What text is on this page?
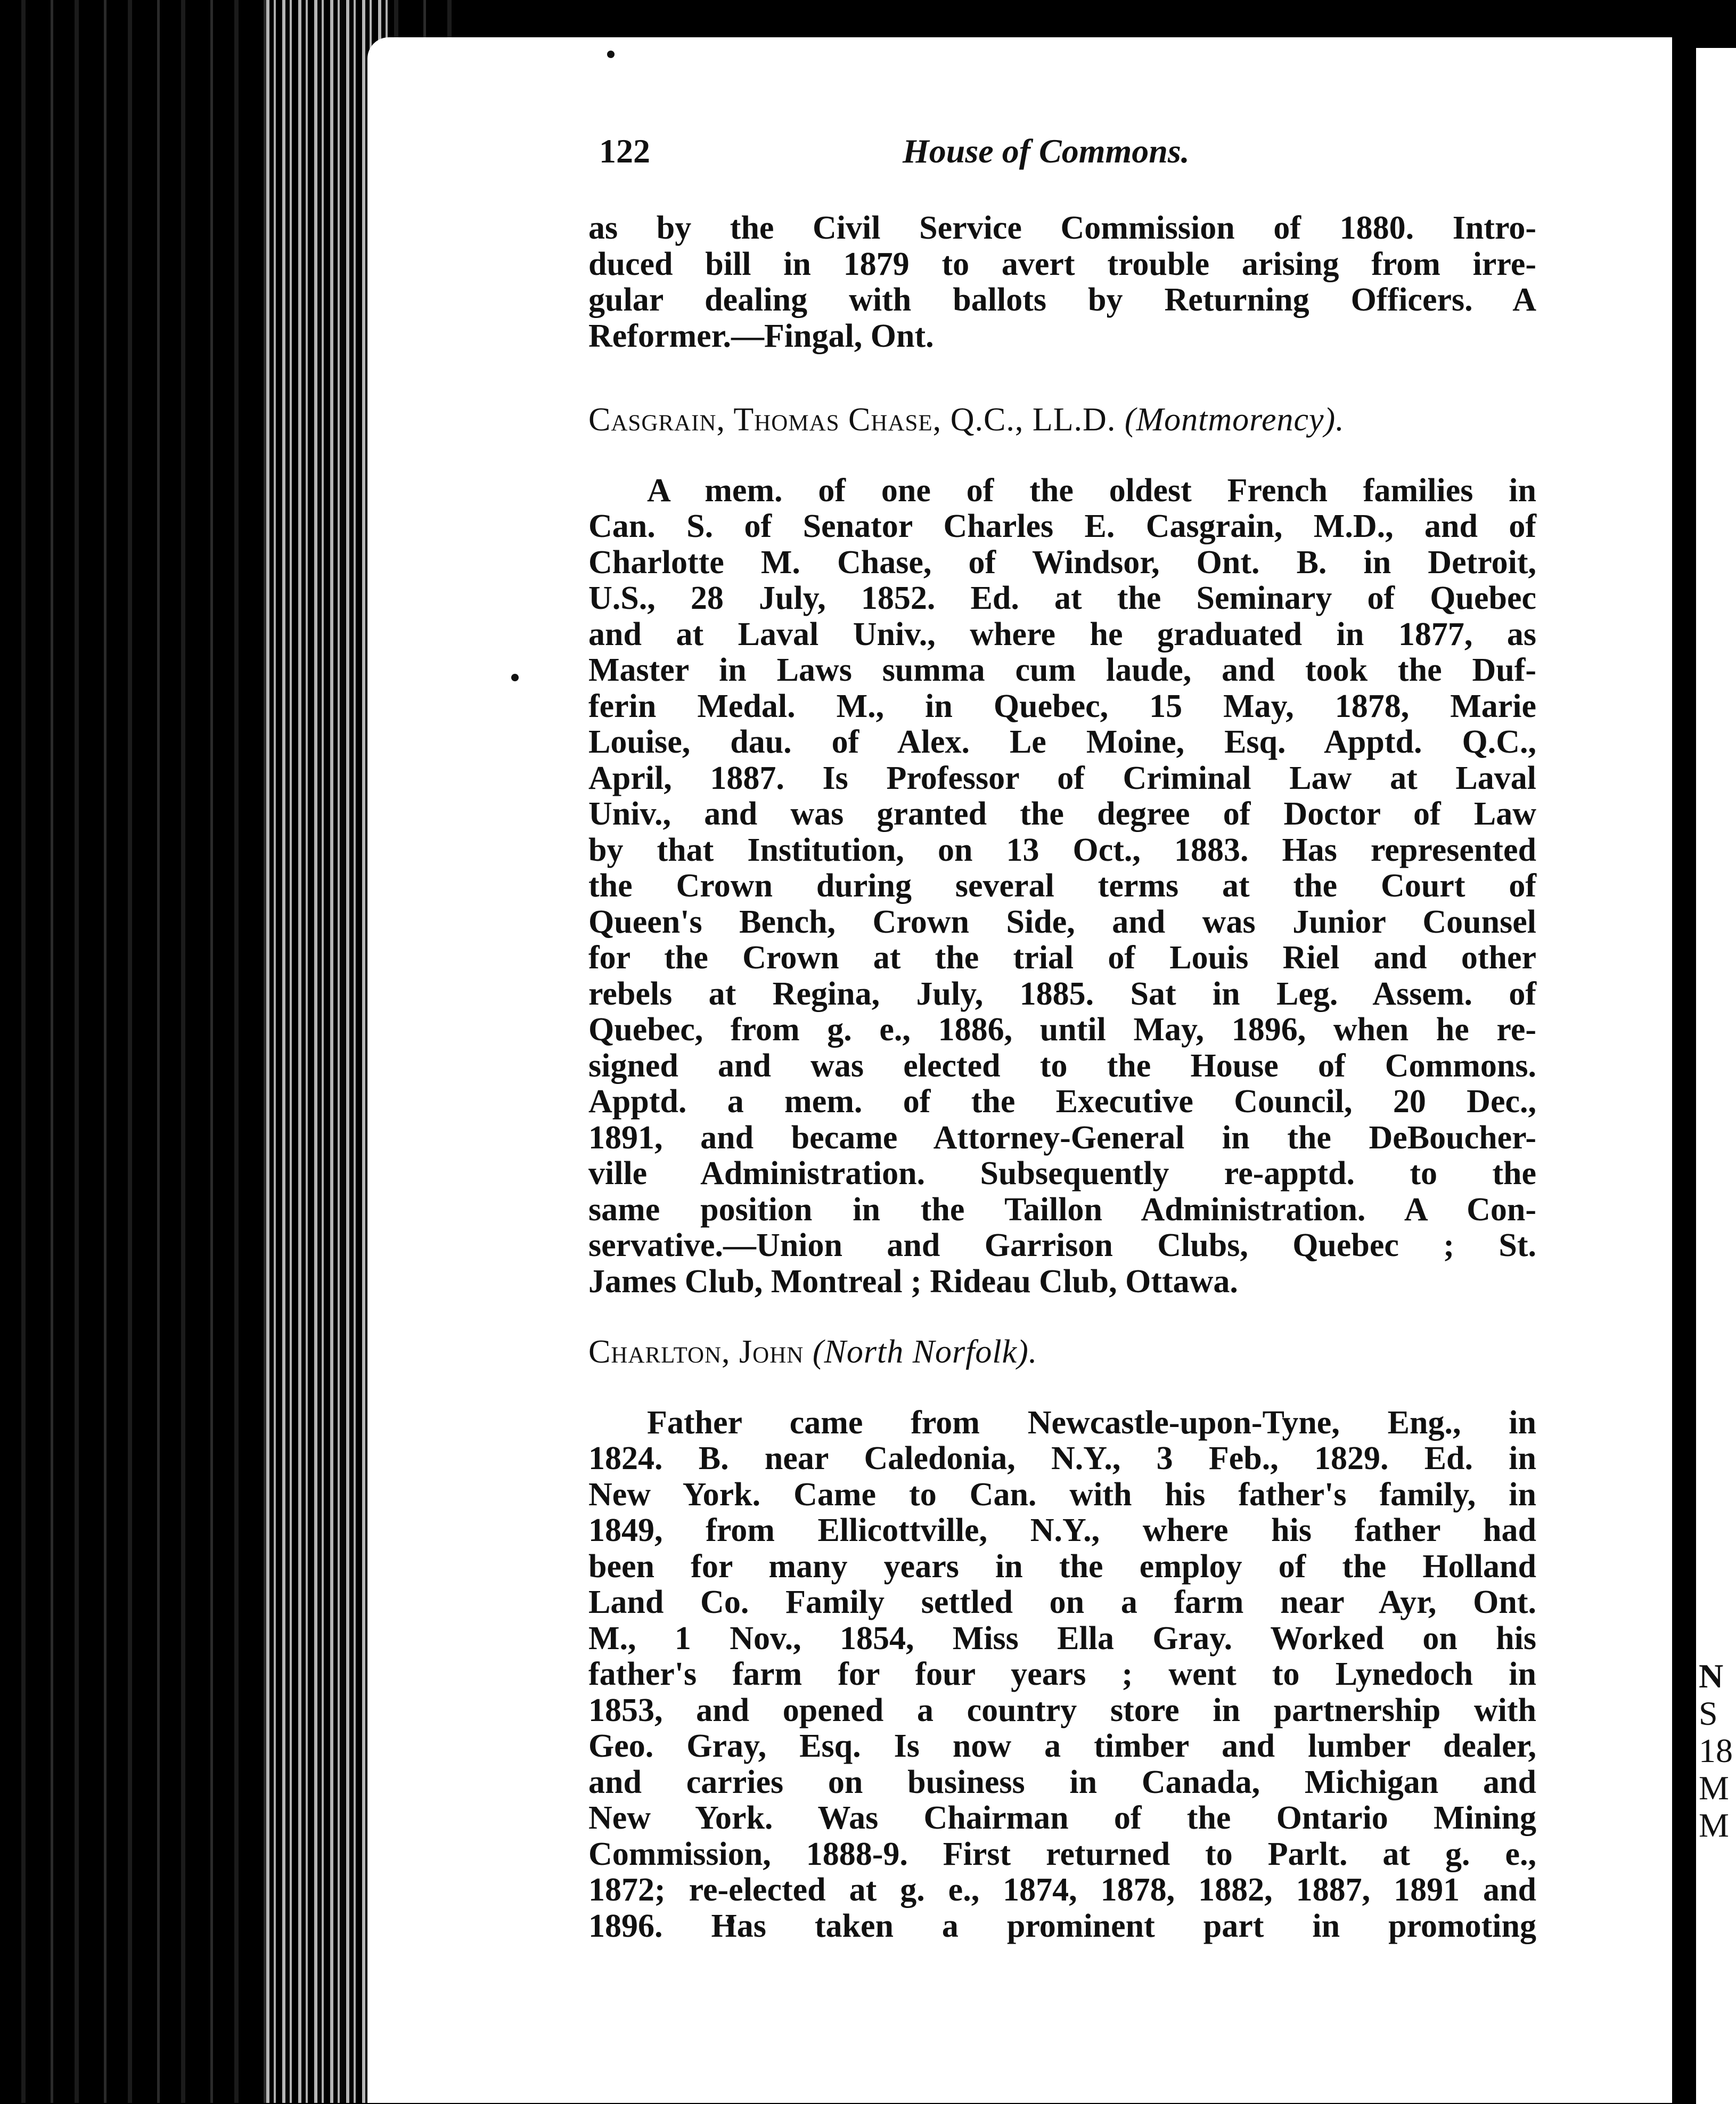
N
S
18
M
M
122	House of Commons.
as by the Civil Service Commission of 1880. Intro-
duced bill in 1879 to avert trouble arising from irre-
gular dealing with ballots by Returning Officers. A
Reformer.—Fingal, Ont.
Casgrain, Thomas Chase, Q.C., LL.D. (Montmorency).
A mem. of one of the oldest French families in
Can. S. of Senator Charles E. Casgrain, M.D., and of
Charlotte M. Chase, of Windsor, Ont. B. in Detroit,
U.S., 28 July, 1852. Ed. at the Seminary of Quebec
and at Laval Univ., where he graduated in 1877, as
Master in Laws summa cum laude, and took the Duf-
ferin Medal. M., in Quebec, 15 May, 1878, Marie
Louise, dau. of Alex. Le Moine, Esq. Apptd. Q.C.,
April, 1887. Is Professor of Criminal Law at Laval
Univ., and was granted the degree of Doctor of Law
by that Institution, on 13 Oct., 1883. Has represented
the Crown during several terms at the Court of
Queen's Bench, Crown Side, and was Junior Counsel
for the Crown at the trial of Louis Riel and other
rebels at Regina, July, 1885. Sat in Leg. Assem. of
Quebec, from g. e., 1886, until May, 1896, when he re-
signed and was elected to the House of Commons.
Apptd. a mem. of the Executive Council, 20 Dec.,
1891, and became Attorney-General in the DeBoucher-
ville Administration. Subsequently re-apptd. to the
same position in the Taillon Administration. A Con-
servative.—Union and Garrison Clubs, Quebec ; St.
James Club, Montreal ; Rideau Club, Ottawa.
Charlton, John (North Norfolk).
Father came from Newcastle-upon-Tyne, Eng., in
1824. B. near Caledonia, N.Y., 3 Feb., 1829. Ed. in
New York. Came to Can. with his father's family, in
1849, from Ellicottville, N.Y., where his father had
been for many years in the employ of the Holland
Land Co. Family settled on a farm near Ayr, Ont.
M., 1 Nov., 1854, Miss Ella Gray. Worked on his
father's farm for four years ; went to Lynedoch in
1853, and opened a country store in partnership with
Geo. Gray, Esq. Is now a timber and lumber dealer,
and carries on business in Canada, Michigan and
New York. Was Chairman of the Ontario Mining
Commission, 1888-9. First returned to Parlt. at g. e.,
1872; re-elected at g. e., 1874, 1878, 1882, 1887, 1891 and
1896. Has taken a prominent part in promoting
